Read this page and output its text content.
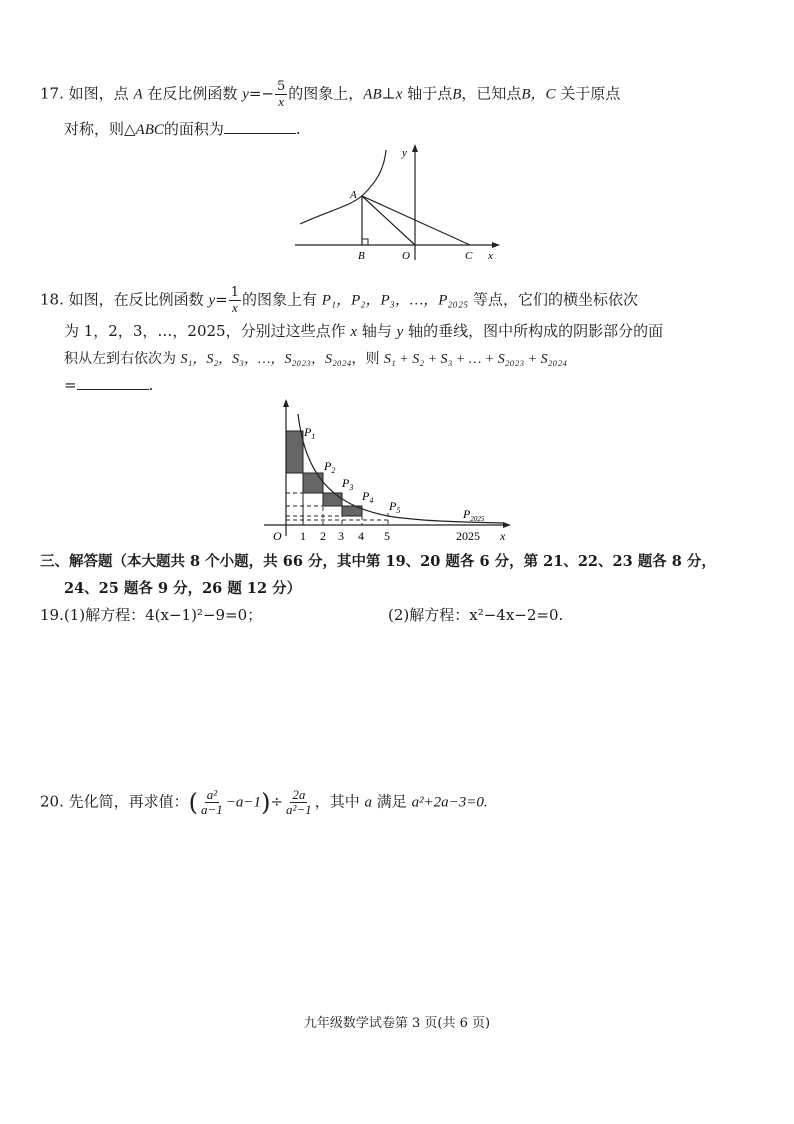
17. 如图，点 A 在反比例函数 $y=- \frac{5}{x}$ 的图象上，AB⊥x 轴于点B，已知点B，C 关于原点
对称，则△ABC的面积为	.
y
A
B	O	C x
18. 如图，在反比例函数 $y= \frac{1}{x}$ 的图象上有 P₁，P₂，P₃，…，P₂₀₂₅ 等点，它们的横坐标依次
为 1，2，3，…，2025，分别过这些点作 x 轴与 y 轴的垂线，图中所构成的阴影部分的面
积从左到右依次为 S₁，S₂，S₃，…，S₂₀₂₃，S₂₀₂₄，则 S₁ + S₂ + S₃ + … + S₂₀₂₃ + S₂₀₂₄
=	.
O 1 2 3 4 5	2025 x
$P_1$
$P_2$
$P_3$
$P_4$ $P_5$	$P_{2025}$
三、解答题（本大题共 8 个小题，共 66 分，其中第 19、20 题各 6 分，第 21、22、23 题各 8 分，
24、25 题各 9 分，26 题 12 分）
19.(1)解方程：4(x−1)²−9=0；	(2)解方程：x²−4x−2=0.
20. 先化简，再求值：( $\frac{\text{a²}}{a-1} -a-1)\div \frac{2a}{\text{a²−1}}$ ，其中 a 满足 a²+2a−3=0.
九年级数学试卷第 3 页(共 6 页)
